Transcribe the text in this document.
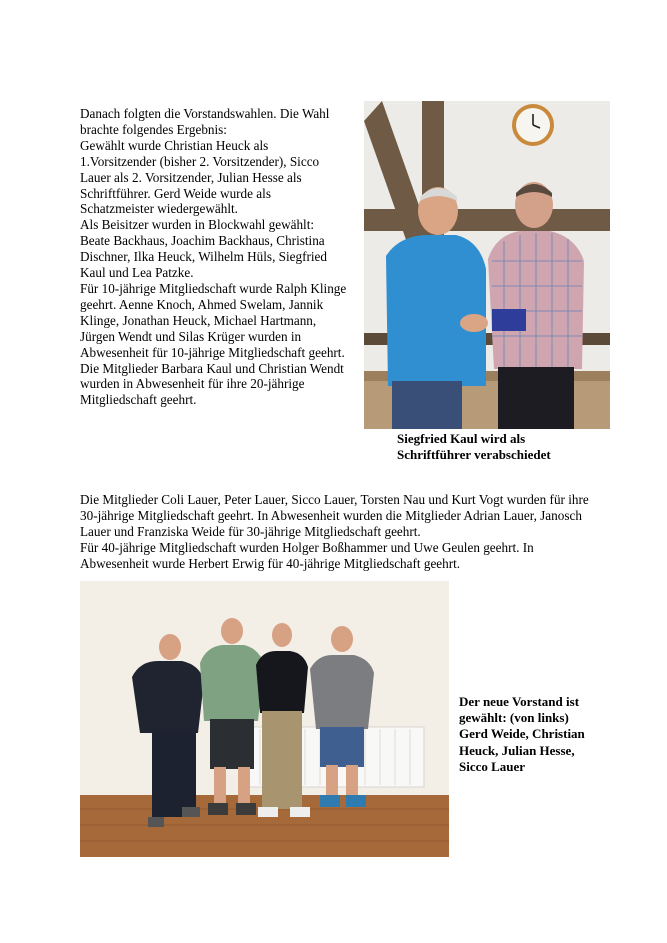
Danach folgten die Vorstandswahlen. Die Wahl
brachte folgendes Ergebnis:
Gewählt wurde Christian Heuck als
1.Vorsitzender (bisher 2. Vorsitzender), Sicco
Lauer als 2. Vorsitzender, Julian Hesse als
Schriftführer. Gerd Weide wurde als
Schatzmeister wiedergewählt.
Als Beisitzer wurden in Blockwahl gewählt:
Beate Backhaus, Joachim Backhaus, Christina
Dischner, Ilka Heuck, Wilhelm Hüls, Siegfried
Kaul und Lea Patzke.
Für 10-jährige Mitgliedschaft wurde Ralph Klinge
geehrt. Aenne Knoch, Ahmed Swelam, Jannik
Klinge, Jonathan Heuck, Michael Hartmann,
Jürgen Wendt und Silas Krüger wurden in
Abwesenheit für 10-jährige Mitgliedschaft geehrt.
Die Mitglieder Barbara Kaul und Christian Wendt
wurden in Abwesenheit für ihre 20-jährige
Mitgliedschaft geehrt.
Siegfried Kaul wird als
Schriftführer verabschiedet
Die Mitglieder Coli Lauer, Peter Lauer, Sicco Lauer, Torsten Nau und Kurt Vogt wurden für ihre
30-jährige Mitgliedschaft geehrt. In Abwesenheit wurden die Mitglieder Adrian Lauer, Janosch
Lauer und Franziska Weide für 30-jährige Mitgliedschaft geehrt.
Für 40-jährige Mitgliedschaft wurden Holger Boßhammer und Uwe Geulen geehrt. In
Abwesenheit wurde Herbert Erwig für 40-jährige Mitgliedschaft geehrt.
Der neue Vorstand ist
gewählt: (von links)
Gerd Weide, Christian
Heuck, Julian Hesse,
Sicco Lauer
